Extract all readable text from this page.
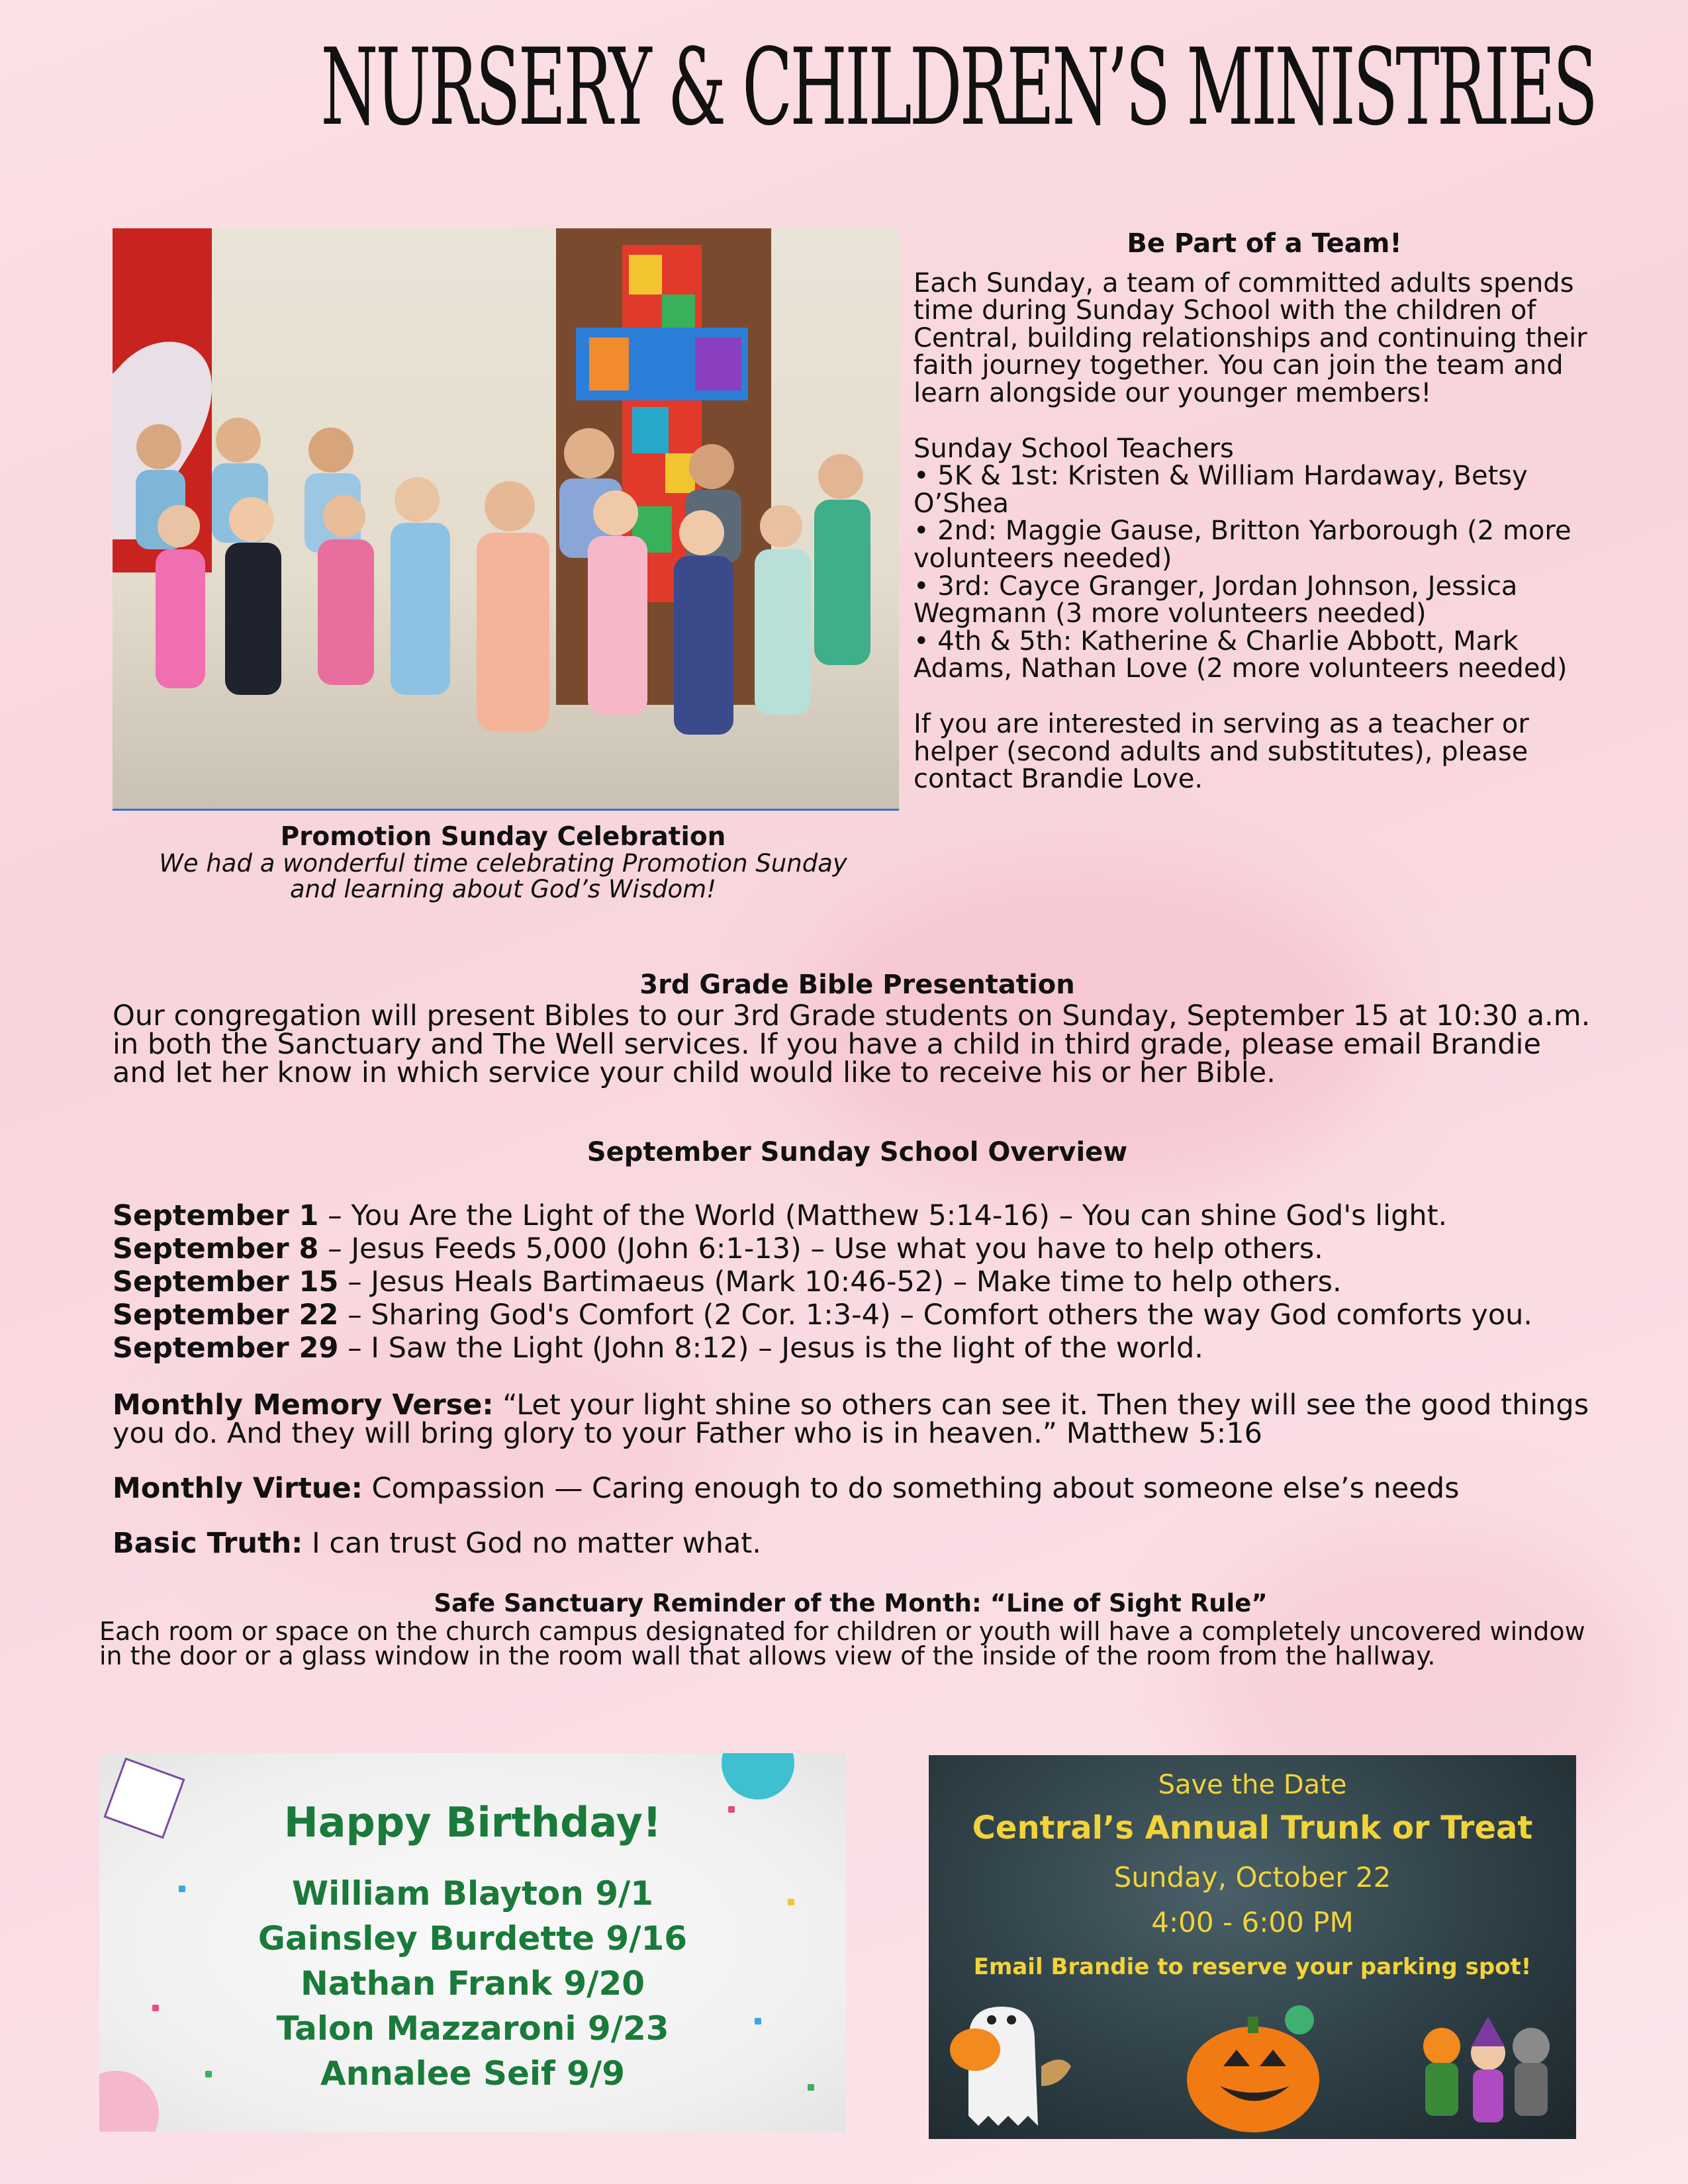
NURSERY & CHILDREN’S MINISTRIES
Promotion Sunday Celebration
We had a wonderful time celebrating Promotion Sunday and learning about God’s Wisdom!
Be Part of a Team!

Each Sunday, a team of committed adults spends time during Sunday School with the children of Central, building relationships and continuing their faith journey together. You can join the team and learn alongside our younger members!

Sunday School Teachers
• 5K & 1st: Kristen & William Hardaway, Betsy O’Shea
• 2nd: Maggie Gause, Britton Yarborough (2 more volunteers needed)
• 3rd: Cayce Granger, Jordan Johnson, Jessica Wegmann (3 more volunteers needed)
• 4th & 5th: Katherine & Charlie Abbott, Mark Adams, Nathan Love (2 more volunteers needed)

If you are interested in serving as a teacher or helper (second adults and substitutes), please contact Brandie Love.

3rd Grade Bible Presentation

Our congregation will present Bibles to our 3rd Grade students on Sunday, September 15 at 10:30 a.m. in both the Sanctuary and The Well services. If you have a child in third grade, please email Brandie and let her know in which service your child would like to receive his or her Bible.

September Sunday School Overview
September 1 – You Are the Light of the World (Matthew 5:14-16) – You can shine God's light.
September 8 – Jesus Feeds 5,000 (John 6:1-13) – Use what you have to help others.
September 15 – Jesus Heals Bartimaeus (Mark 10:46-52) – Make time to help others.
September 22 – Sharing God's Comfort (2 Cor. 1:3-4) – Comfort others the way God comforts you.
September 29 – I Saw the Light (John 8:12) – Jesus is the light of the world.
Monthly Memory Verse: “Let your light shine so others can see it. Then they will see the good things you do. And they will bring glory to your Father who is in heaven.” Matthew 5:16
Monthly Virtue: Compassion — Caring enough to do something about someone else’s needs
Basic Truth: I can trust God no matter what.
Safe Sanctuary Reminder of the Month: “Line of Sight Rule”
Each room or space on the church campus designated for children or youth will have a completely uncovered window in the door or a glass window in the room wall that allows view of the inside of the room from the hallway.
Happy Birthday!
William Blayton 9/1
Gainsley Burdette 9/16
Nathan Frank 9/20
Talon Mazzaroni 9/23
Annalee Seif 9/9
Save the Date
Central’s Annual Trunk or Treat
Sunday, October 22
4:00 - 6:00 PM
Email Brandie to reserve your parking spot!
